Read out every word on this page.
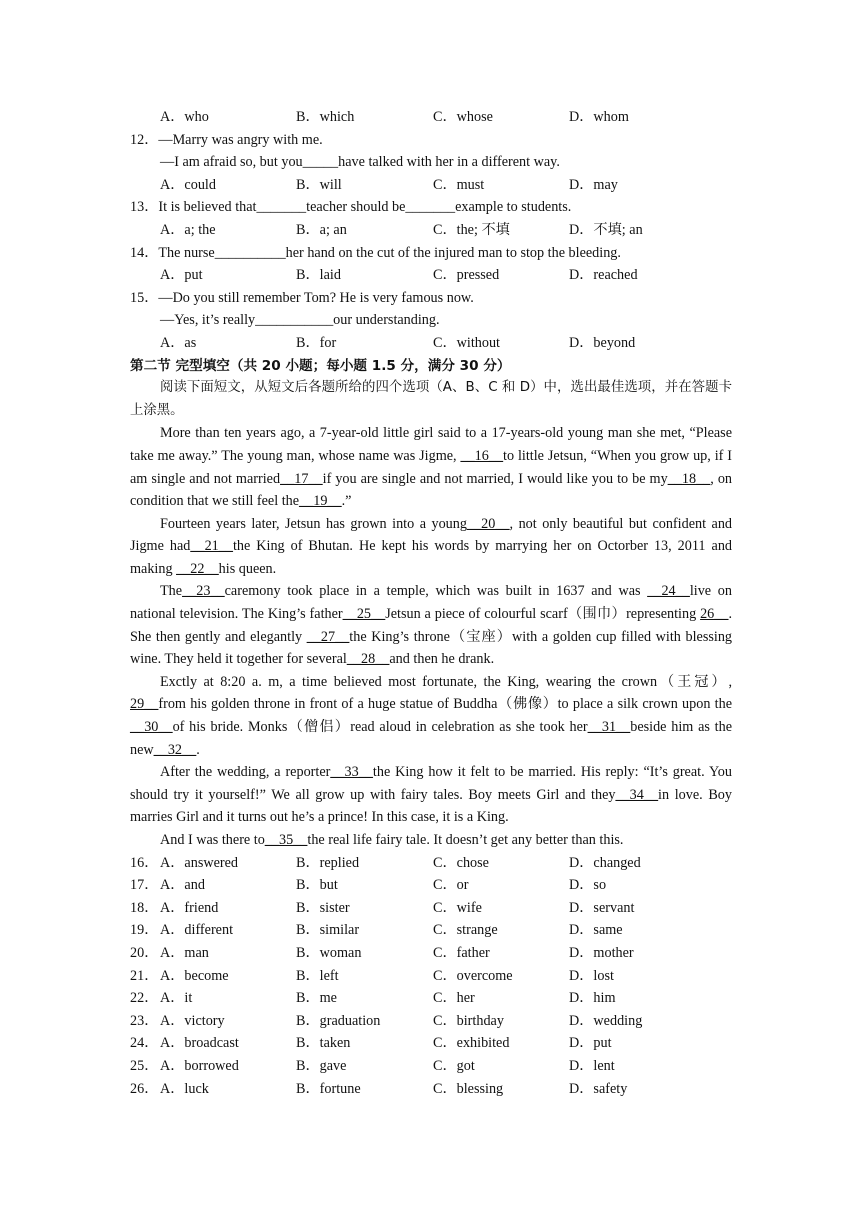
A．who	B．which	C．whose	D．whom
12．—Marry was angry with me.
—I am afraid so, but you_____have talked with her in a different way.
A．could	B．will	C．must	D．may
13．It is believed that_______teacher should be_______example to students.
A．a; the	B．a; an	C．the; 不填	D．不填; an
14．The nurse__________her hand on the cut of the injured man to stop the bleeding.
A．put	B．laid	C．pressed	D．reached
15．—Do you still remember Tom? He is very famous now.
—Yes, it’s really___________our understanding.
A．as	B．for	C．without	D．beyond
第二节 完型填空（共 20 小题；每小题 1.5 分，满分 30 分）
阅读下面短文，从短文后各题所给的四个选项（A、B、C 和 D）中，选出最佳选项，并在答题卡上涂黑。
More than ten years ago, a 7-year-old little girl said to a 17-years-old young man she met, “Please take me away.” The young man, whose name was Jigme, __16__to little Jetsun, “When you grow up, if I am single and not married__17__if you are single and not married, I would like you to be my__18__, on condition that we still feel the__19__.”
Fourteen years later, Jetsun has grown into a young__20__, not only beautiful but confident and Jigme had__21__the King of Bhutan. He kept his words by marrying her on Octorber 13, 2011 and making __22__his queen.
The__23__caremony took place in a temple, which was built in 1637 and was __24__live on national television. The King’s father__25__Jetsun a piece of colourful scarf（围巾）representing 26__. She then gently and elegantly __27__the King’s throne（宝座）with a golden cup filled with blessing wine. They held it together for several__28__and then he drank.
Exctly at 8:20 a. m, a time believed most fortunate, the King, wearing the crown（王冠）, 29__from his golden throne in front of a huge statue of Buddha（佛像）to place a silk crown upon the __30__of his bride. Monks（僧侣）read aloud in celebration as she took her__31__beside him as the new__32__.
After the wedding, a reporter__33__the King how it felt to be married. His reply: “It’s great. You should try it yourself!” We all grow up with fairy tales. Boy meets Girl and they__34__in love. Boy marries Girl and it turns out he’s a prince! In this case, it is a King.
And I was there to__35__the real life fairy tale. It doesn’t get any better than this.
16． A．answered	B．replied	C．chose	D．changed
17． A．and	B．but	C．or	D．so
18． A．friend	B．sister	C．wife	D．servant
19． A．different	B．similar	C．strange	D．same
20． A．man	B．woman	C．father	D．mother
21． A．become	B．left	C．overcome	D．lost
22． A．it	B．me	C．her	D．him
23． A．victory	B．graduation	C．birthday	D．wedding
24． A．broadcast	B．taken	C．exhibited	D．put
25． A．borrowed	B．gave	C．got	D．lent
26． A．luck	B．fortune	C．blessing	D．safety
